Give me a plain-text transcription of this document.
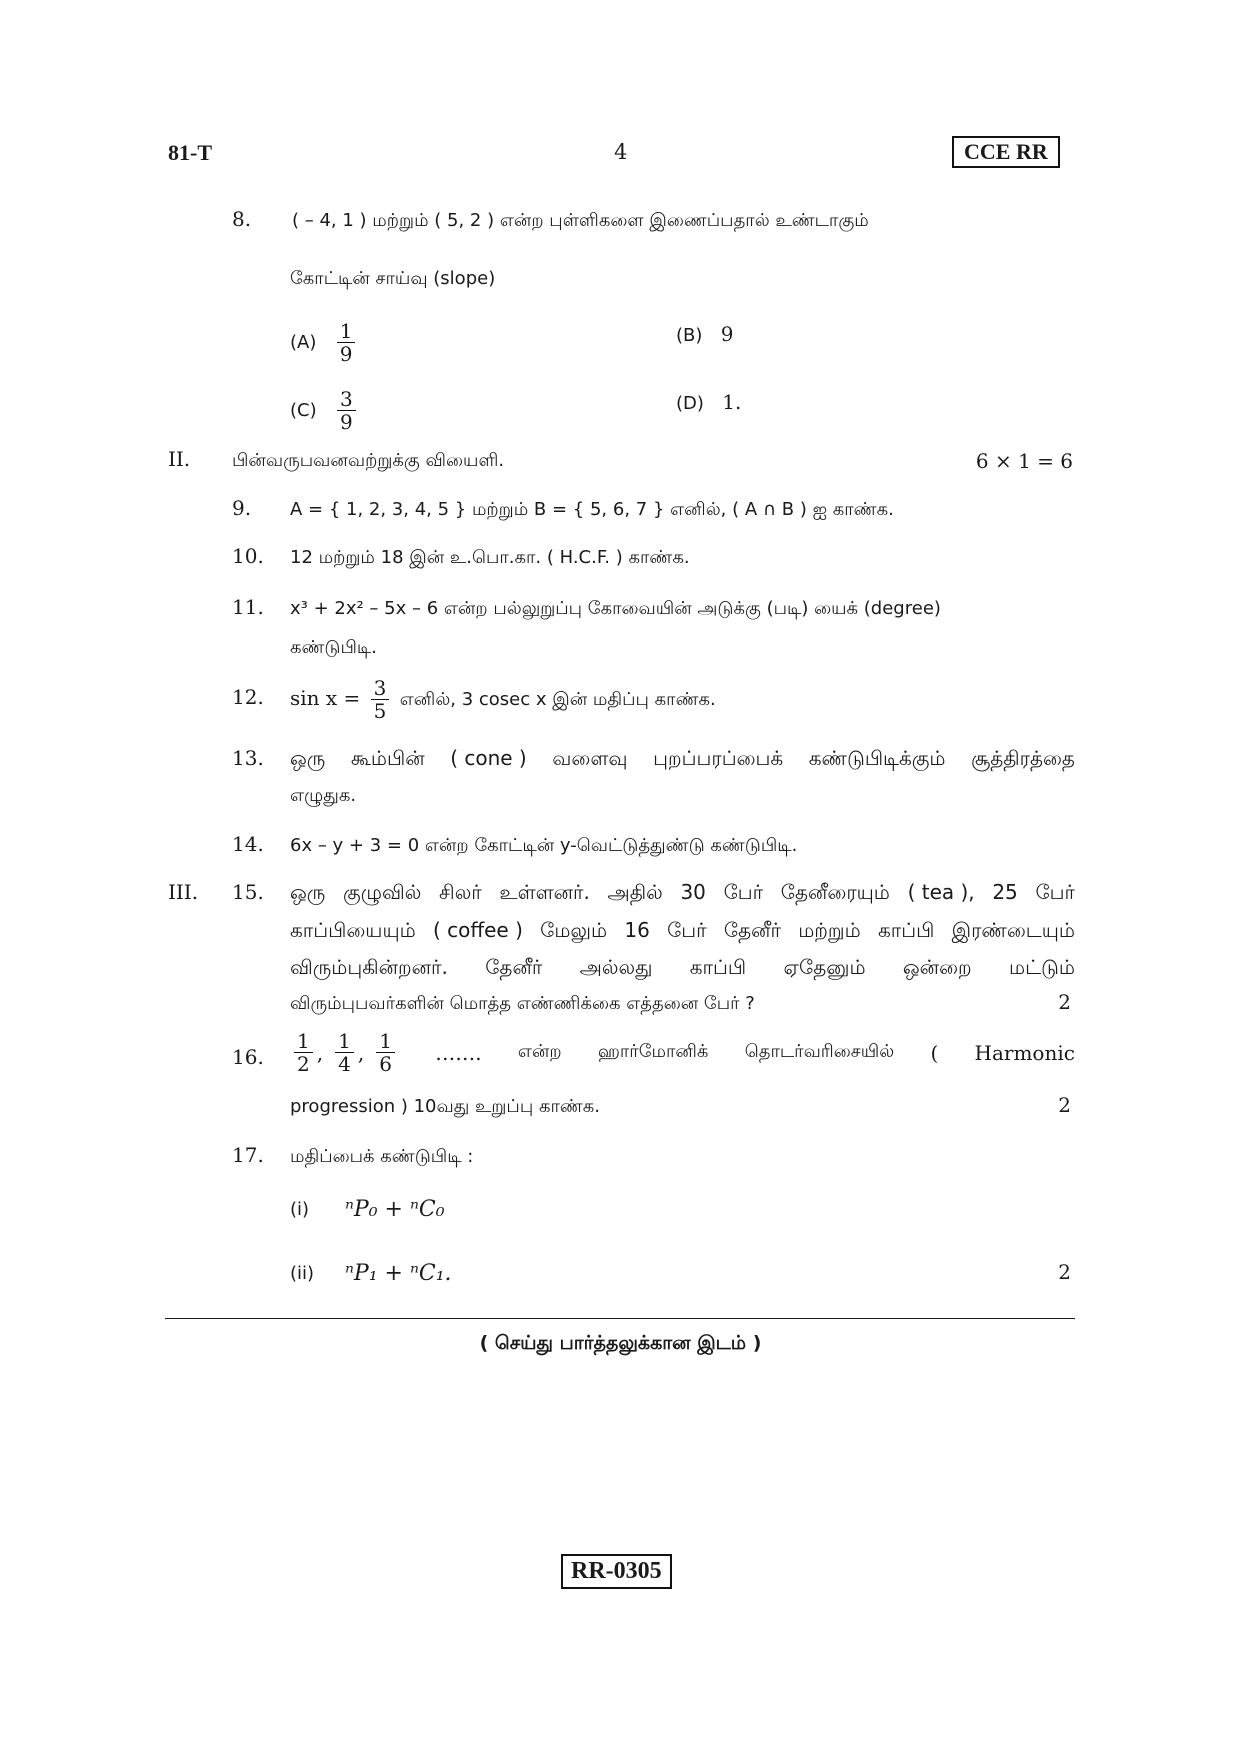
81-T	4	CCE RR
8. ( – 4, 1 ) மற்றும் ( 5, 2 ) என்ற புள்ளிகளை இணைப்பதால் உண்டாகும்
கோட்டின் சாய்வு (slope)
$(A) \frac{1}{9}$	(B) 9
$(C) \frac{3}{9}$	(D) 1.
II. பின்வருபவனவற்றுக்கு வியைளி.	6 × 1 = 6
9. A = { 1, 2, 3, 4, 5 } மற்றும் B = { 5, 6, 7 } எனில், ( A ∩ B ) ஐ காண்க.
10. 12 மற்றும் 18 இன் உ.பொ.கா. ( H.C.F. ) காண்க.
11. x³ + 2x² – 5x – 6 என்ற பல்லுறுப்பு கோவையின் அடுக்கு (படி) யைக் (degree)
கண்டுபிடி.
12. $\sin x = \frac{3}{5}$ எனில், 3 cosec x இன் மதிப்பு காண்க.
13. ஒரு கூம்பின் ( cone ) வளைவு புறப்பரப்பைக் கண்டுபிடிக்கும் சூத்திரத்தை
எழுதுக.
14. 6x – y + 3 = 0 என்ற கோட்டின் y-வெட்டுத்துண்டு கண்டுபிடி.
III. 15. ஒரு குழுவில் சிலர் உள்ளனர். அதில் 30 பேர் தேனீரையும் ( tea ), 25 பேர்
காப்பியையும் ( coffee ) மேலும் 16 பேர் தேனீர் மற்றும் காப்பி இரண்டையும்
விரும்புகின்றனர். தேனீர் அல்லது காப்பி ஏதேனும் ஒன்றை மட்டும்
விரும்புபவர்களின் மொத்த எண்ணிக்கை எத்தனை பேர் ?	2
16. $\frac{1}{2}$ , $\frac{1}{4}$ , $\frac{1}{6}$ ……. என்ற ஹார்மோனிக் தொடர்வரிசையில் ( Harmonic
progression ) 10வது உறுப்பு காண்க.	2
17. மதிப்பைக் கண்டுபிடி :
(i) ⁿP₀ + ⁿC₀
(ii) ⁿP₁ + ⁿC₁.	2
( செய்து பார்த்தலுக்கான இடம் )
RR-0305
